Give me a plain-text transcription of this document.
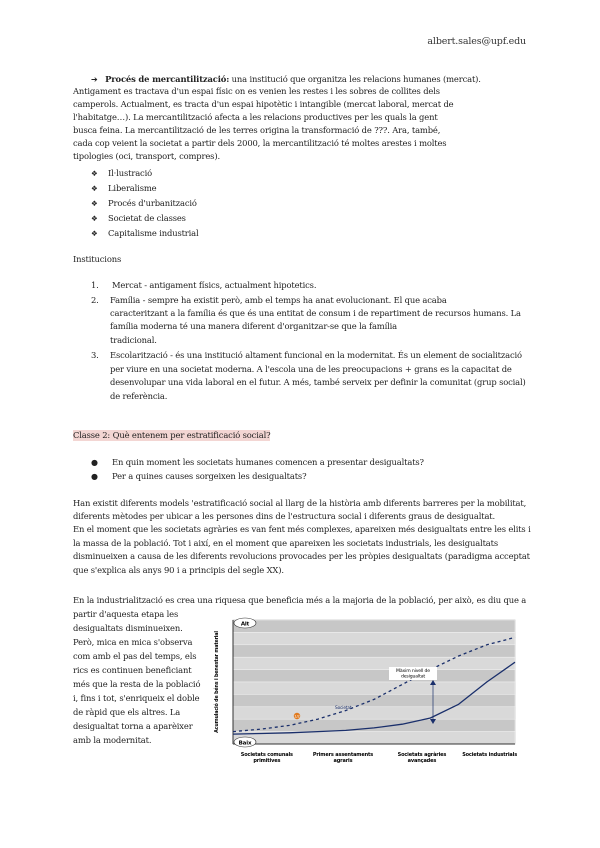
albert.sales@upf.edu
➔ Procés de mercantilització: una institució que organitza les relacions humanes (mercat).
Antigament es tractava d'un espai físic on es venien les restes i les sobres de collites dels
camperols. Actualment, es tracta d'un espai hipotètic i intangible (mercat laboral, mercat de
l'habitatge…). La mercantilització afecta a les relacions productives per les quals la gent
busca feina. La mercantilització de les terres origina la transformació de ???. Ara, també,
cada cop veient la societat a partir dels 2000, la mercantilització té moltes arestes i moltes
tipologies (oci, transport, compres).
❖ Il·lustració
❖ Liberalisme
❖ Procés d'urbanització
❖ Societat de classes
❖ Capitalisme industrial
Institucions
1. Mercat - antigament físics, actualment hipotetics.
2. Família - sempre ha existit però, amb el temps ha anat evolucionant. El que acaba
caracteritzant a la família és que és una entitat de consum i de repartiment de recursos humans. La
família moderna té una manera diferent d'organitzar-se que la família
tradicional.
3. Escolarització - és una institució altament funcional en la modernitat. És un element de socialització
per viure en una societat moderna. A l'escola una de les preocupacions + grans es la capacitat de
desenvolupar una vida laboral en el futur. A més, també serveix per definir la comunitat (grup social)
de referència.
Classe 2: Què entenem per estratificació social?
● En quin moment les societats humanes comencen a presentar desigualtats?
● Per a quines causes sorgeixen les desigualtats?
Han existit diferents models 'estratificació social al llarg de la història amb diferents barreres per la mobilitat,
diferents mètodes per ubicar a les persones dins de l'estructura social i diferents graus de desigualtat.
En el moment que les societats agràries es van fent més complexes, apareixen més desigualtats entre les elits i
la massa de la població. Tot i així, en el moment que apareixen les societats industrials, les desigualtats
disminueixen a causa de les diferents revolucions provocades per les pròpies desigualtats (paradigma acceptat
que s'explica als anys 90 i a principis del segle XX).
En la industrialització es crea una riquesa que beneficia més a la majoria de la població, per això, es diu que a
partir d'aquesta etapa les
desigualtats disminueixen.
Però, mica en mica s'observa
com amb el pas del temps, els
rics es continuen beneficiant
més que la resta de la població
i, fins i tot, s'enriqueix el doble
de ràpid que els altres. La
desigualtat torna a aparèixer
amb la modernitat.
Alt
Baix
Acumulació de béns i benestar material	Màxim nivell de desigualtat
Societat
1/2
Societats comunals primitives
Primers assentaments agraris
Societats agràries avançades
Societats industrials
